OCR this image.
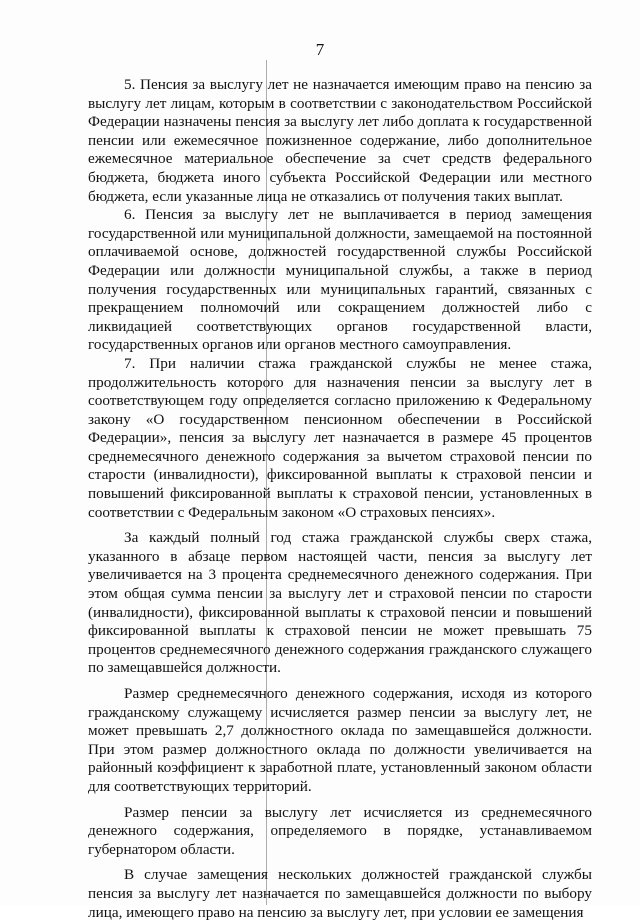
7

5. Пенсия за выслугу лет не назначается имеющим право на пенсию за выслугу лет лицам, которым в соответствии с законодательством Российской Федерации назначены пенсия за выслугу лет либо доплата к государственной пенсии или ежемесячное пожизненное содержание, либо дополнительное ежемесячное материальное обеспечение за счет средств федерального бюджета, бюджета иного субъекта Российской Федерации или местного бюджета, если указанные лица не отказались от получения таких выплат.

6. Пенсия за выслугу лет не выплачивается в период замещения государственной или муниципальной должности, замещаемой на постоянной оплачиваемой основе, должностей государственной службы Российской Федерации или должности муниципальной службы, а также в период получения государственных или муниципальных гарантий, связанных с прекращением полномочий или сокращением должностей либо с ликвидацией соответствующих органов государственной власти, государственных органов или органов местного самоуправления.

7. При наличии стажа гражданской службы не менее стажа, продолжительность которого для назначения пенсии за выслугу лет в соответствующем году определяется согласно приложению к Федеральному закону «О государственном пенсионном обеспечении в Российской Федерации», пенсия за выслугу лет назначается в размере 45 процентов среднемесячного денежного содержания за вычетом страховой пенсии по старости (инвалидности), фиксированной выплаты к страховой пенсии и повышений фиксированной выплаты к страховой пенсии, установленных в соответствии с Федеральным законом «О страховых пенсиях».

За каждый полный год стажа гражданской службы сверх стажа, указанного в абзаце первом настоящей части, пенсия за выслугу лет увеличивается на 3 процента среднемесячного денежного содержания. При этом общая сумма пенсии за выслугу лет и страховой пенсии по старости (инвалидности), фиксированной выплаты к страховой пенсии и повышений фиксированной выплаты к страховой пенсии не может превышать 75 процентов среднемесячного денежного содержания гражданского служащего по замещавшейся должности.

Размер среднемесячного денежного содержания, исходя из которого гражданскому служащему исчисляется размер пенсии за выслугу лет, не может превышать 2,7 должностного оклада по замещавшейся должности. При этом размер должностного оклада по должности увеличивается на районный коэффициент к заработной плате, установленный законом области для соответствующих территорий.

Размер пенсии за выслугу лет исчисляется из среднемесячного денежного содержания, определяемого в порядке, устанавливаемом губернатором области.

В случае замещения нескольких должностей гражданской службы пенсия за выслугу лет назначается по замещавшейся должности по выбору лица, имеющего право на пенсию за выслугу лет, при условии ее замещения
